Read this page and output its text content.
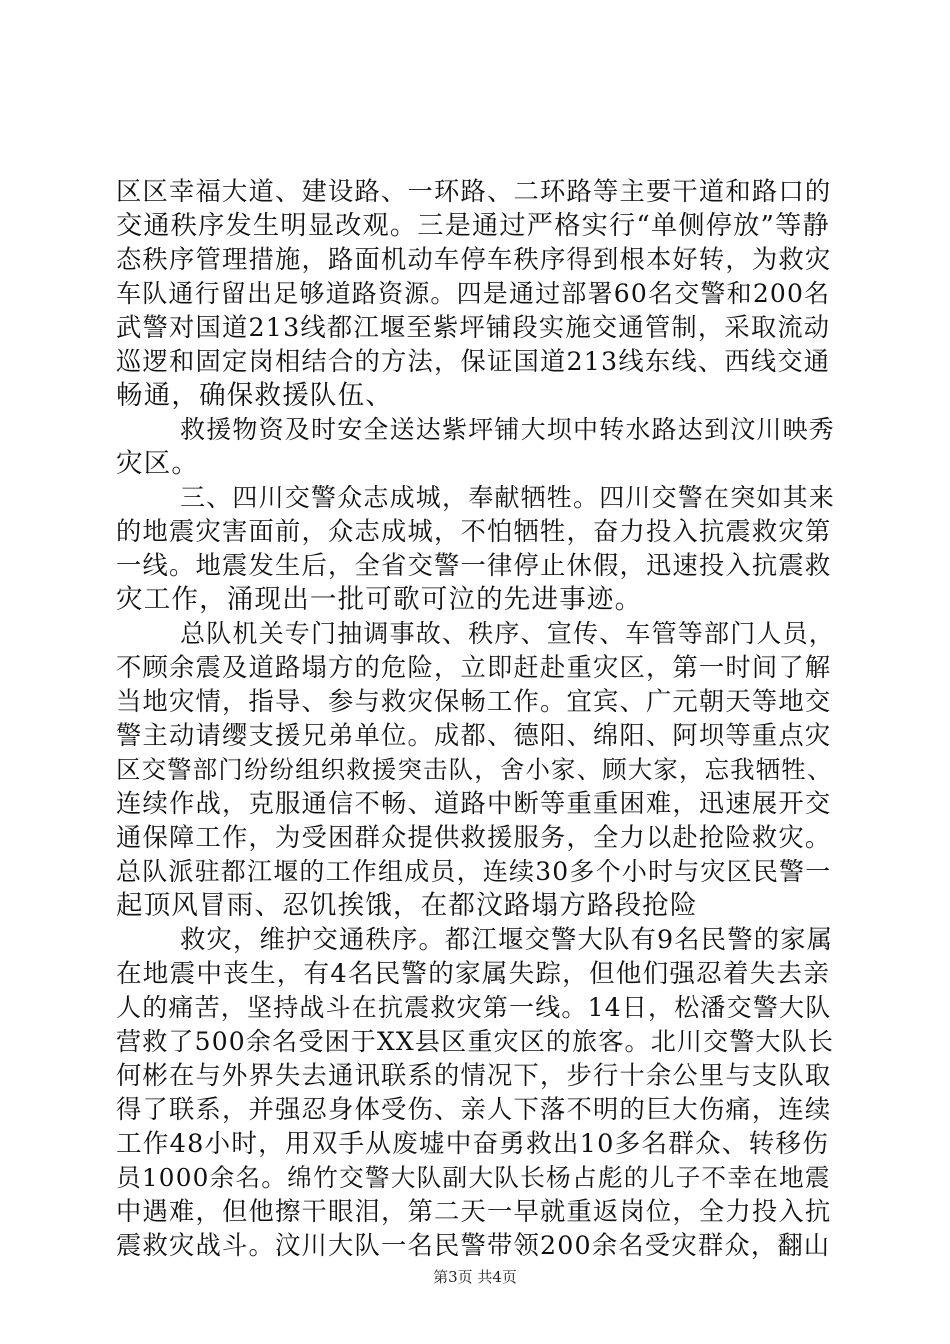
区区幸福大道、建设路、一环路、二环路等主要干道和路口的
交通秩序发生明显改观。三是通过严格实行“单侧停放”等静
态秩序管理措施，路面机动车停车秩序得到根本好转，为救灾
车队通行留出足够道路资源。四是通过部署60名交警和200名
武警对国道213线都江堰至紫坪铺段实施交通管制，采取流动
巡逻和固定岗相结合的方法，保证国道213线东线、西线交通
畅通，确保救援队伍、
救援物资及时安全送达紫坪铺大坝中转水路达到汶川映秀
灾区。
三、四川交警众志成城，奉献牺牲。四川交警在突如其来
的地震灾害面前，众志成城，不怕牺牲，奋力投入抗震救灾第
一线。地震发生后，全省交警一律停止休假，迅速投入抗震救
灾工作，涌现出一批可歌可泣的先进事迹。
总队机关专门抽调事故、秩序、宣传、车管等部门人员，
不顾余震及道路塌方的危险，立即赶赴重灾区，第一时间了解
当地灾情，指导、参与救灾保畅工作。宜宾、广元朝天等地交
警主动请缨支援兄弟单位。成都、德阳、绵阳、阿坝等重点灾
区交警部门纷纷组织救援突击队，舍小家、顾大家，忘我牺牲、
连续作战，克服通信不畅、道路中断等重重困难，迅速展开交
通保障工作，为受困群众提供救援服务，全力以赴抢险救灾。
总队派驻都江堰的工作组成员，连续30多个小时与灾区民警一
起顶风冒雨、忍饥挨饿，在都汶路塌方路段抢险
救灾，维护交通秩序。都江堰交警大队有9名民警的家属
在地震中丧生，有4名民警的家属失踪，但他们强忍着失去亲
人的痛苦，坚持战斗在抗震救灾第一线。14日，松潘交警大队
营救了500余名受困于XX县区重灾区的旅客。北川交警大队长
何彬在与外界失去通讯联系的情况下，步行十余公里与支队取
得了联系，并强忍身体受伤、亲人下落不明的巨大伤痛，连续
工作48小时，用双手从废墟中奋勇救出10多名群众、转移伤
员1000余名。绵竹交警大队副大队长杨占彪的儿子不幸在地震
中遇难，但他擦干眼泪，第二天一早就重返岗位，全力投入抗
震救灾战斗。汶川大队一名民警带领200余名受灾群众，翻山
第3页 共4页
